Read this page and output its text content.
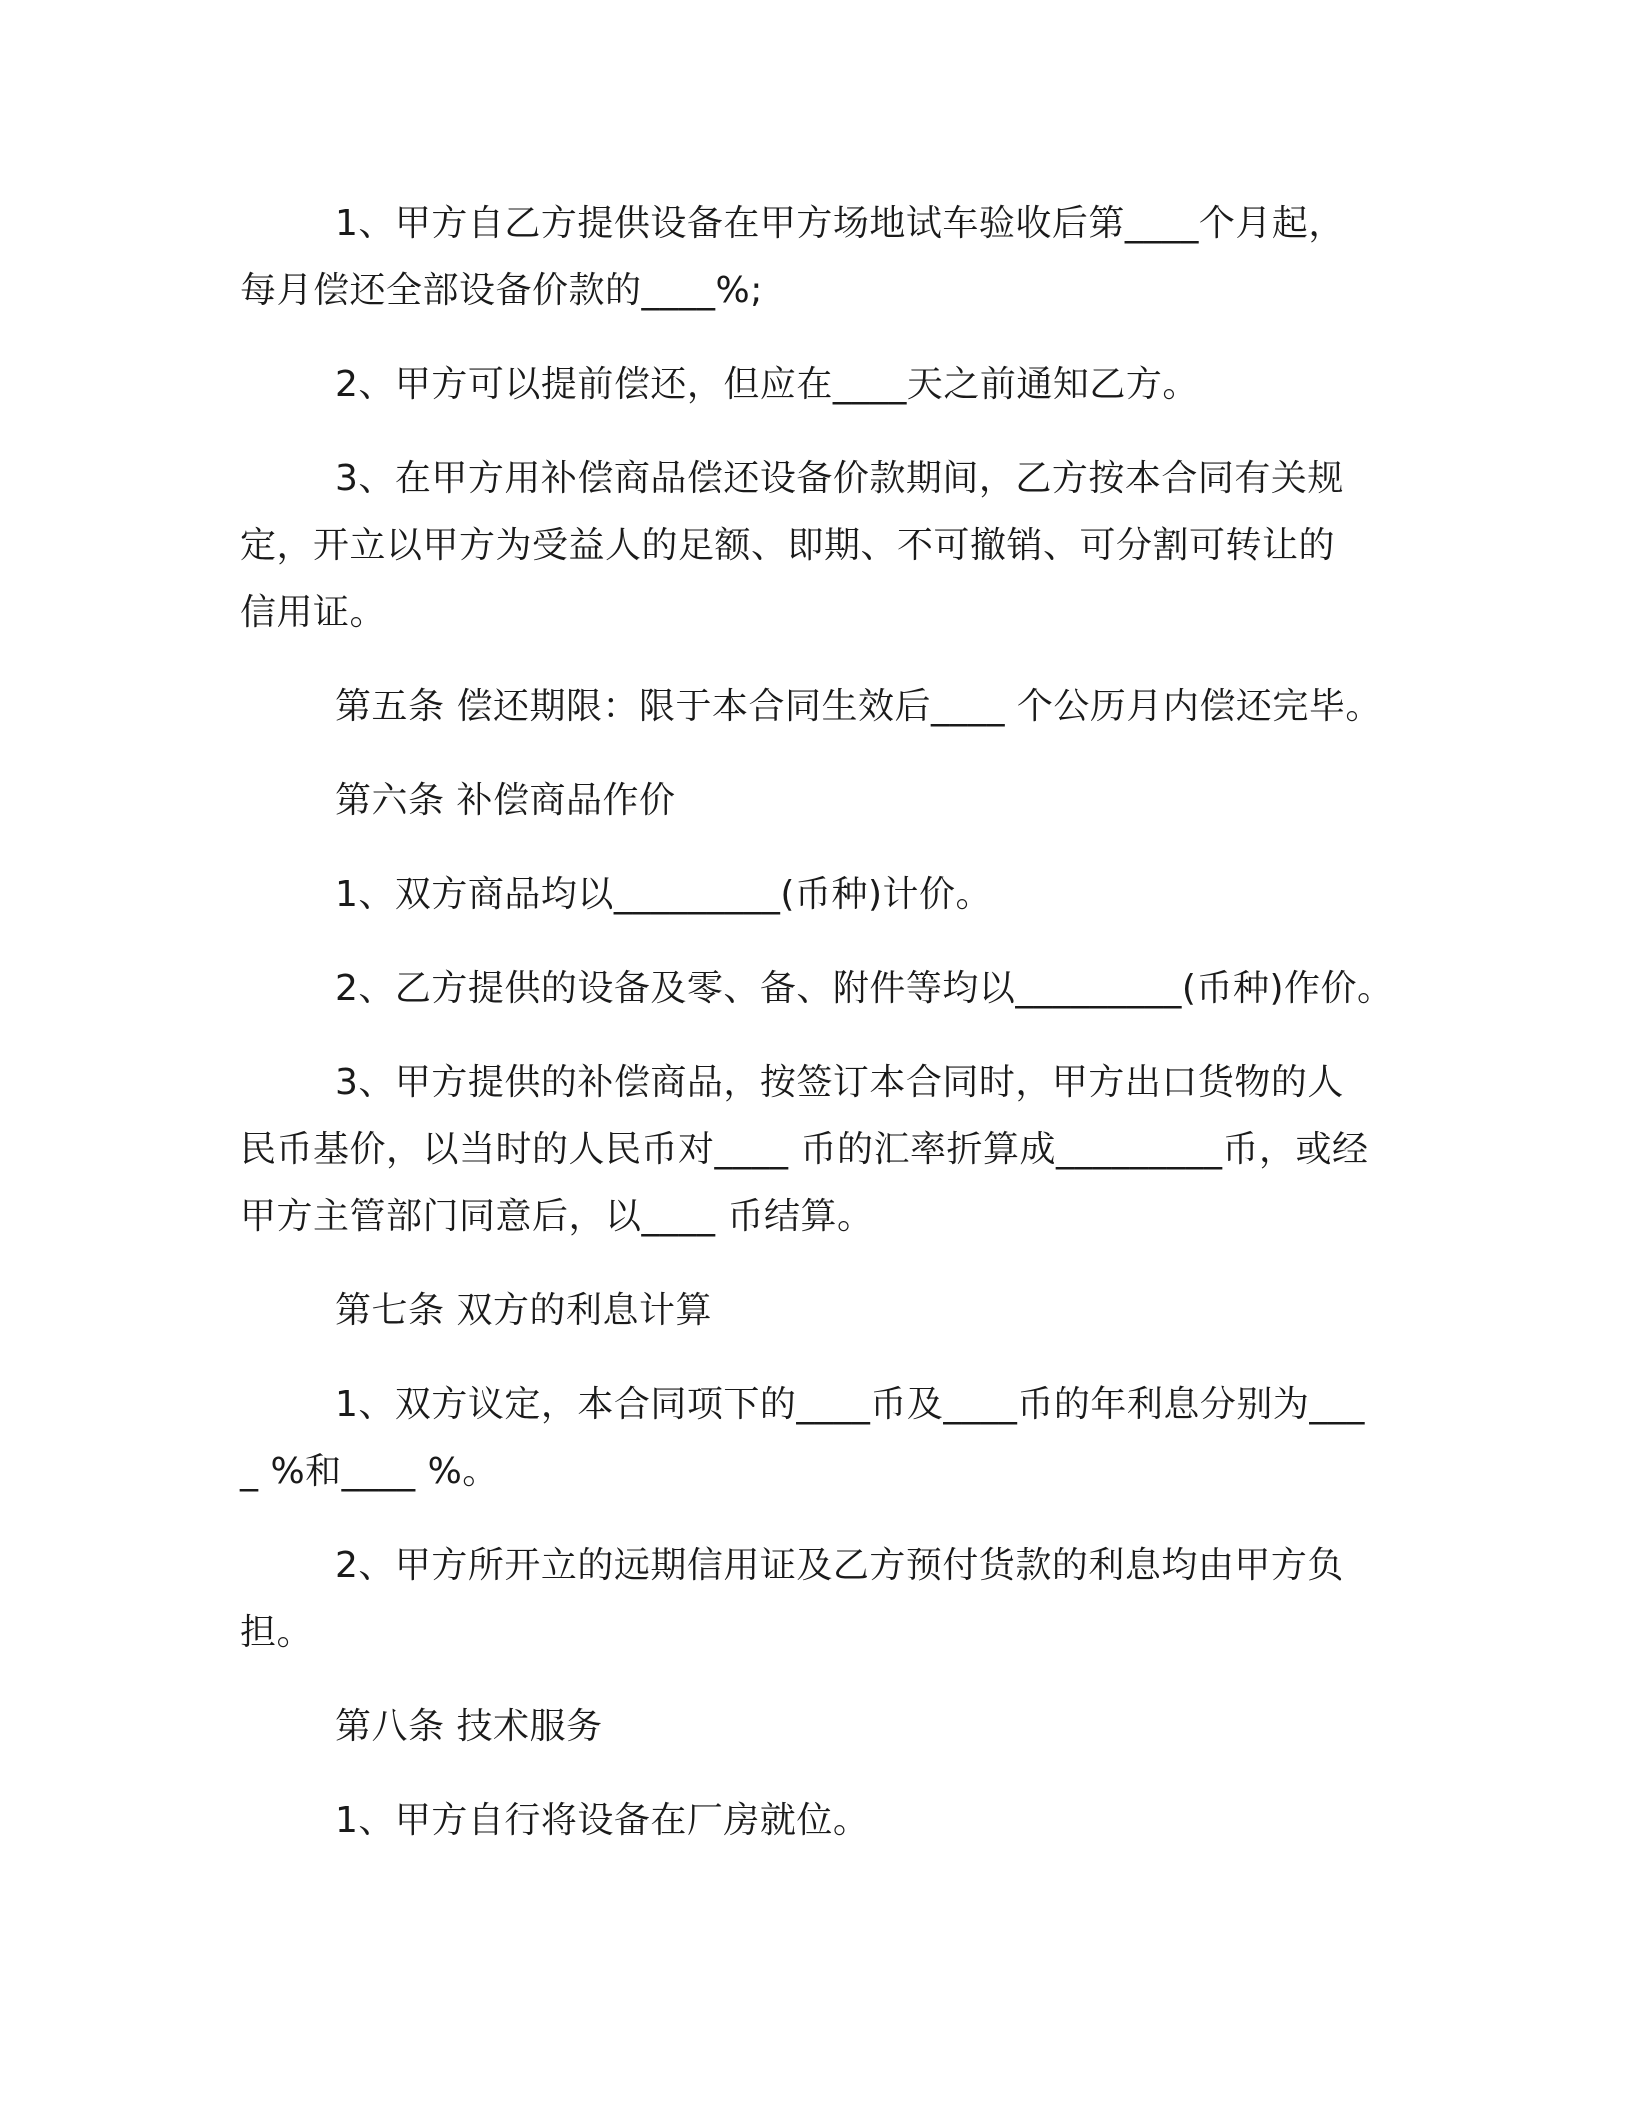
1、甲方自乙方提供设备在甲方场地试车验收后第____个月起，每月偿还全部设备价款的____%;

2、甲方可以提前偿还，但应在____天之前通知乙方。

3、在甲方用补偿商品偿还设备价款期间，乙方按本合同有关规定，开立以甲方为受益人的足额、即期、不可撤销、可分割可转让的信用证。

第五条 偿还期限：限于本合同生效后____ 个公历月内偿还完毕。

第六条 补偿商品作价

1、双方商品均以_________(币种)计价。

2、乙方提供的设备及零、备、附件等均以_________(币种)作价。

3、甲方提供的补偿商品，按签订本合同时，甲方出口货物的人民币基价，以当时的人民币对____ 币的汇率折算成_________币，或经甲方主管部门同意后，以____ 币结算。

第七条 双方的利息计算

1、双方议定，本合同项下的____币及____币的年利息分别为____ %和____ %。

2、甲方所开立的远期信用证及乙方预付货款的利息均由甲方负担。

第八条 技术服务

1、甲方自行将设备在厂房就位。
